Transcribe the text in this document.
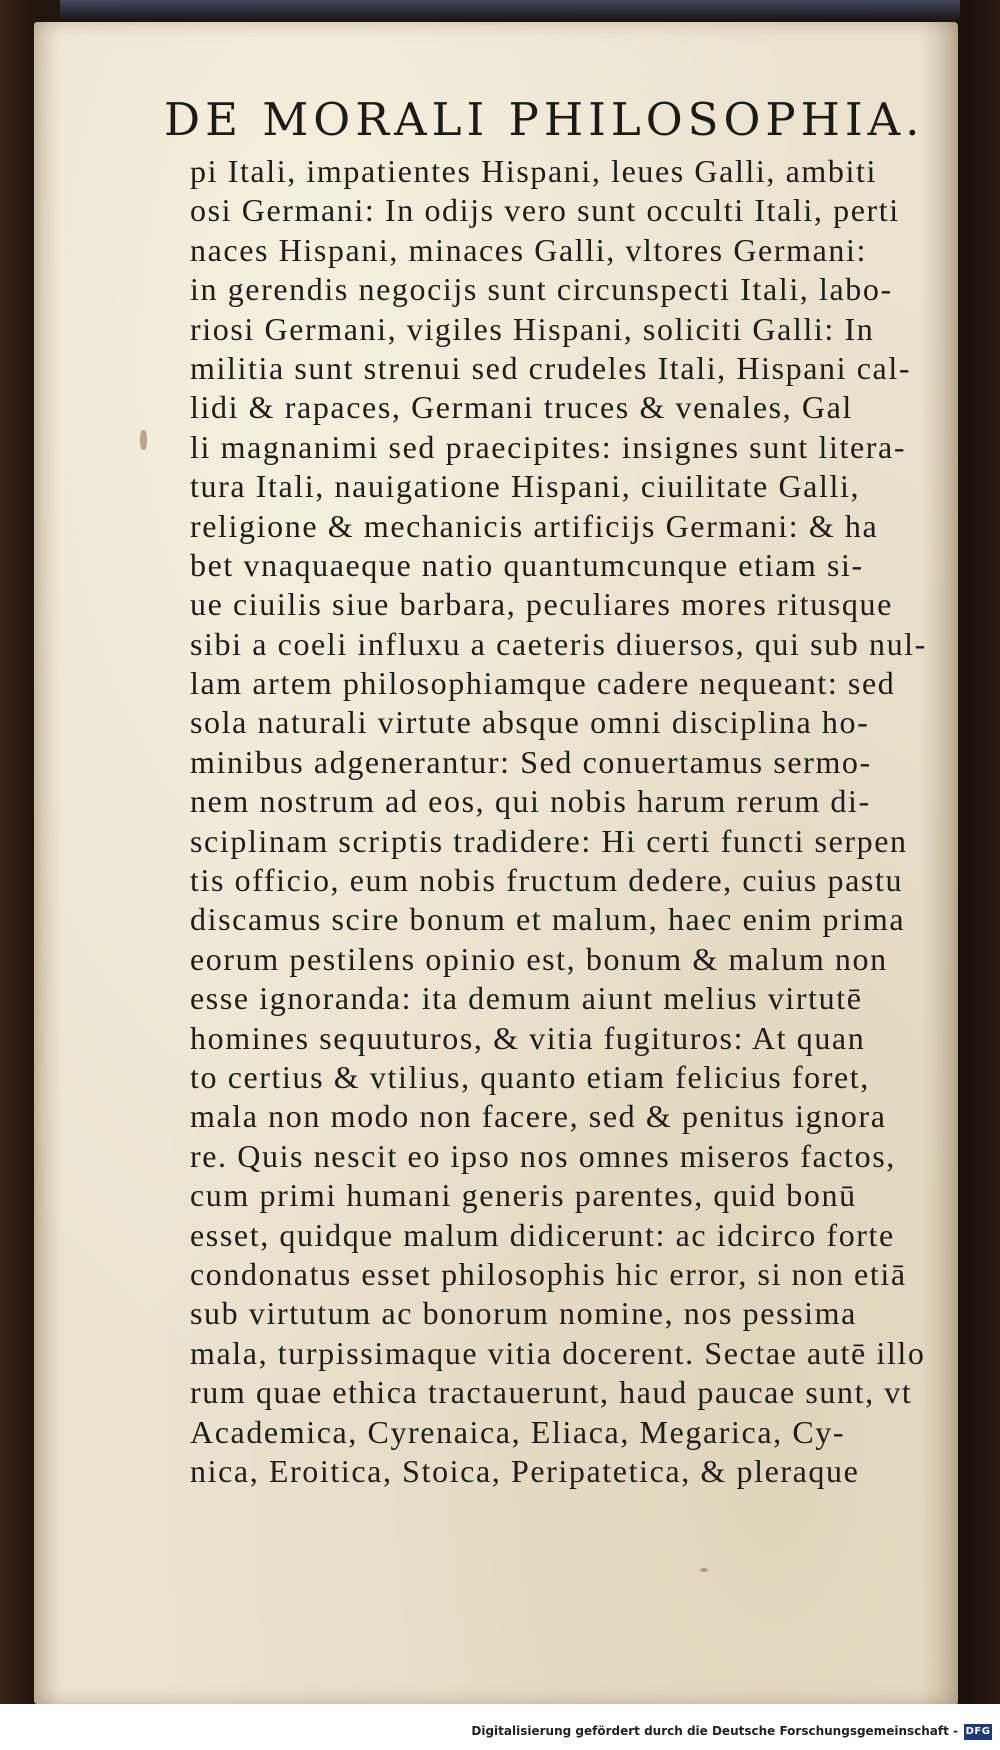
DE MORALI PHILOSOPHIA.
pi Itali, impatientes Hispani, leues Galli, ambiti
osi Germani: In odijs vero sunt occulti Itali, perti
naces Hispani, minaces Galli, vltores Germani:
in gerendis negocijs sunt circunspecti Itali, labo-
riosi Germani, vigiles Hispani, soliciti Galli: In
militia sunt strenui sed crudeles Itali, Hispani cal-
lidi & rapaces, Germani truces & venales, Gal
li magnanimi sed praecipites: insignes sunt litera-
tura Itali, nauigatione Hispani, ciuilitate Galli,
religione & mechanicis artificijs Germani: & ha
bet vnaquaeque natio quantumcunque etiam si-
ue ciuilis siue barbara, peculiares mores ritusque
sibi a coeli influxu a caeteris diuersos, qui sub nul-
lam artem philosophiamque cadere nequeant: sed
sola naturali virtute absque omni disciplina ho-
minibus adgenerantur: Sed conuertamus sermo-
nem nostrum ad eos, qui nobis harum rerum di-
sciplinam scriptis tradidere: Hi certi functi serpen
tis officio, eum nobis fructum dedere, cuius pastu
discamus scire bonum et malum, haec enim prima
eorum pestilens opinio est, bonum & malum non
esse ignoranda: ita demum aiunt melius virtutē
homines sequuturos, & vitia fugituros: At quan
to certius & vtilius, quanto etiam felicius foret,
mala non modo non facere, sed & penitus ignora
re. Quis nescit eo ipso nos omnes miseros factos,
cum primi humani generis parentes, quid bonū
esset, quidque malum didicerunt: ac idcirco forte
condonatus esset philosophis hic error, si non etiā
sub virtutum ac bonorum nomine, nos pessima
mala, turpissimaque vitia docerent. Sectae autē illo
rum quae ethica tractauerunt, haud paucae sunt, vt
Academica, Cyrenaica, Eliaca, Megarica, Cy-
nica, Eroitica, Stoica, Peripatetica, & pleraque
Digitalisierung gefördert durch die Deutsche Forschungsgemeinschaft - DFG
